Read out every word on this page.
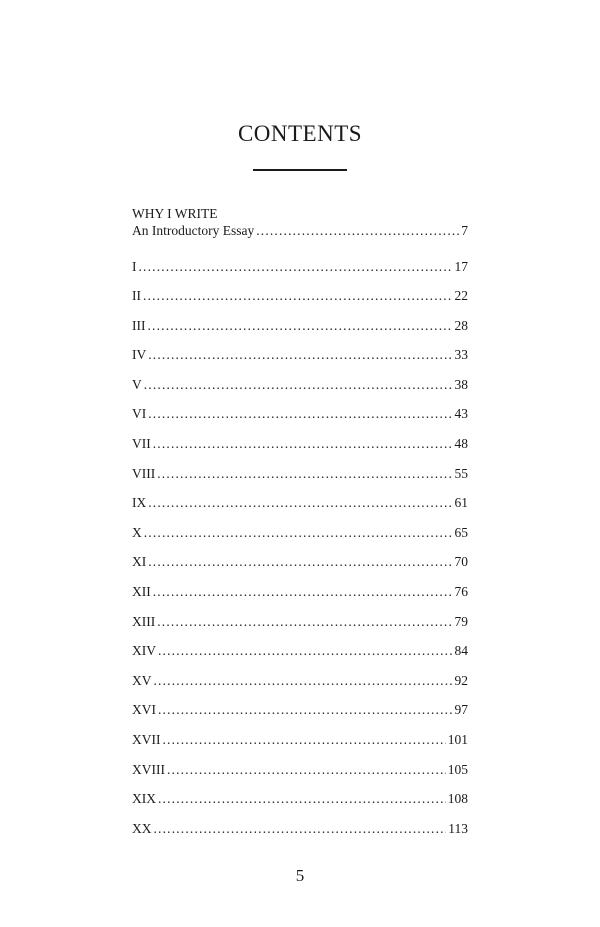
CONTENTS
WHY I WRITE
An Introductory Essay . . .	7
I . . .	17
II . . .	22
III . . .	28
IV . . .	33
V . . .	38
VI . . .	43
VII . . .	48
VIII . . .	55
IX . . .	61
X . . .	65
XI . . .	70
XII . . .	76
XIII . . .	79
XIV . . .	84
XV . . .	92
XVI . . .	97
XVII . . .	101
XVIII . . .	105
XIX . . .	108
XX . . .	113
5
